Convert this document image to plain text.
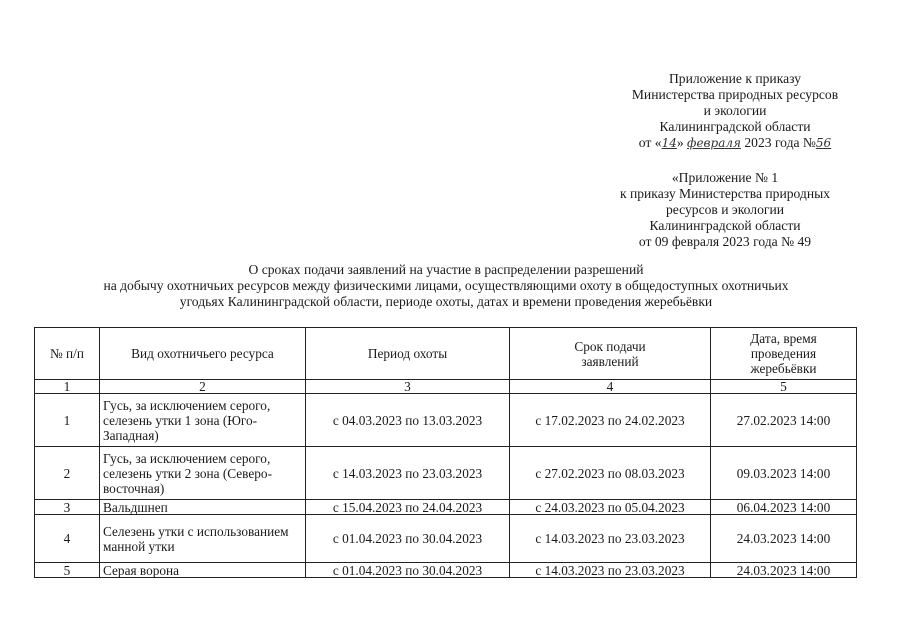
Приложение к приказу
Министерства природных ресурсов
и экологии
Калининградской области
от «14» февраля 2023 года №56
«Приложение № 1
к приказу Министерства природных
ресурсов и экологии
Калининградской области
от 09 февраля 2023 года № 49
О сроках подачи заявлений на участие в распределении разрешений
на добычу охотничьих ресурсов между физическими лицами, осуществляющими охоту в общедоступных охотничьих
угодьях Калининградской области, периоде охоты, датах и времени проведения жеребьёвки
№ п/п	Вид охотничьего ресурса	Период охоты	Срок подачи заявлений	Дата, время проведения жеребьёвки

1	2	3	4	5
1	Гусь, за исключением серого, селезень утки 1 зона (Юго-Западная)	с 04.03.2023 по 13.03.2023	с 17.02.2023 по 24.02.2023	27.02.2023 14:00
2	Гусь, за исключением серого, селезень утки 2 зона (Северо-восточная)	с 14.03.2023 по 23.03.2023	с 27.02.2023 по 08.03.2023	09.03.2023 14:00
3	Вальдшнеп	с 15.04.2023 по 24.04.2023	с 24.03.2023 по 05.04.2023	06.04.2023 14:00
4	Селезень утки с использованием манной утки	с 01.04.2023 по 30.04.2023	с 14.03.2023 по 23.03.2023	24.03.2023 14:00
5	Серая ворона	с 01.04.2023 по 30.04.2023	с 14.03.2023 по 23.03.2023	24.03.2023 14:00
